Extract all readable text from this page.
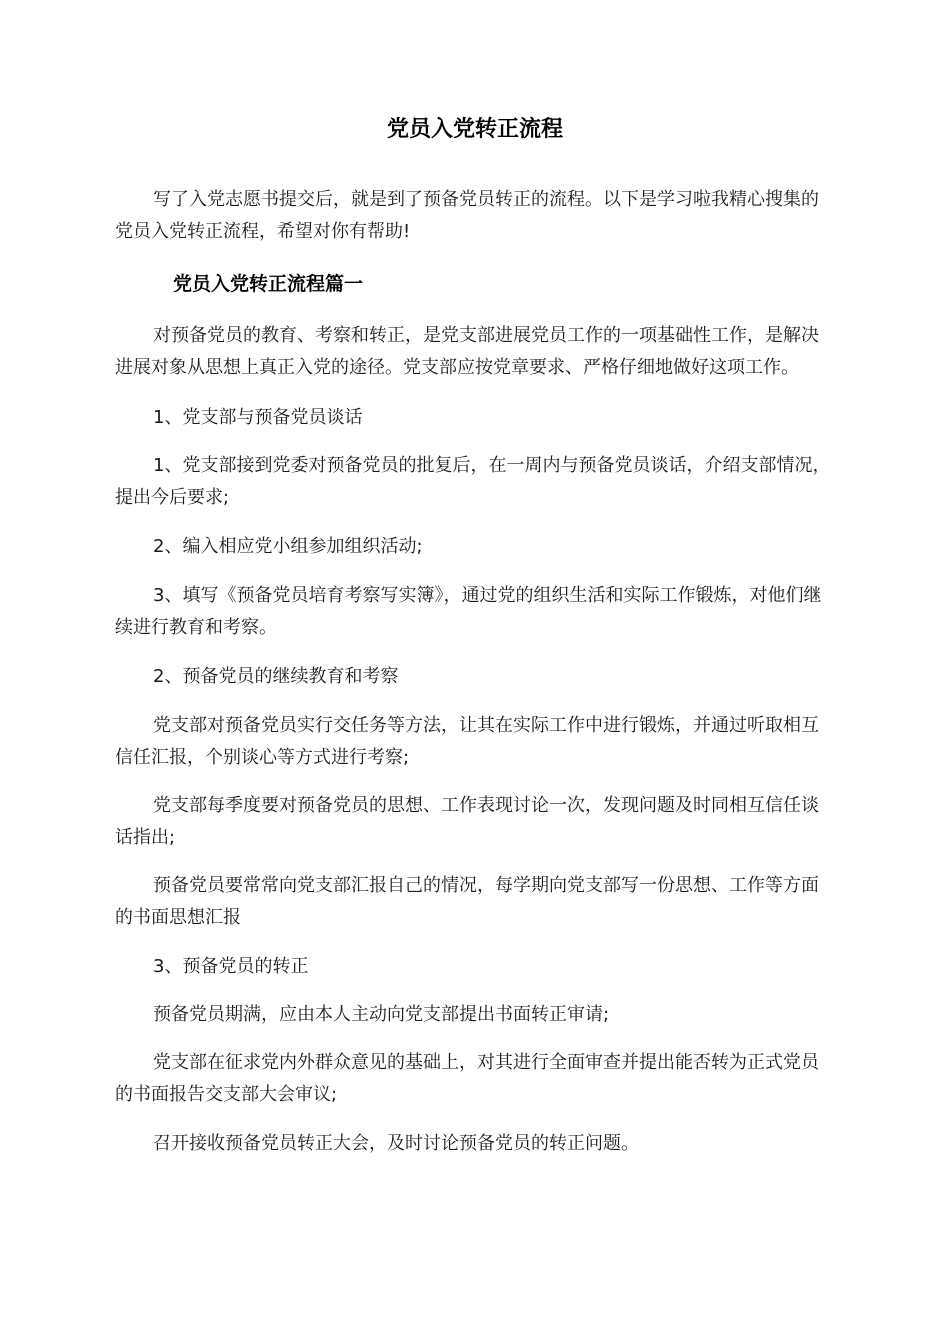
党员入党转正流程

写了入党志愿书提交后，就是到了预备党员转正的流程。以下是学习啦我精心搜集的党员入党转正流程，希望对你有帮助!

党员入党转正流程篇一

对预备党员的教育、考察和转正，是党支部进展党员工作的一项基础性工作，是解决进展对象从思想上真正入党的途径。党支部应按党章要求、严格仔细地做好这项工作。

1、党支部与预备党员谈话

1、党支部接到党委对预备党员的批复后，在一周内与预备党员谈话，介绍支部情况，提出今后要求;

2、编入相应党小组参加组织活动;

3、填写《预备党员培育考察写实簿》，通过党的组织生活和实际工作锻炼，对他们继续进行教育和考察。

2、预备党员的继续教育和考察

党支部对预备党员实行交任务等方法，让其在实际工作中进行锻炼，并通过听取相互信任汇报，个别谈心等方式进行考察;

党支部每季度要对预备党员的思想、工作表现讨论一次，发现问题及时同相互信任谈话指出;

预备党员要常常向党支部汇报自己的情况，每学期向党支部写一份思想、工作等方面的书面思想汇报

3、预备党员的转正

预备党员期满，应由本人主动向党支部提出书面转正审请;

党支部在征求党内外群众意见的基础上，对其进行全面审查并提出能否转为正式党员的书面报告交支部大会审议;

召开接收预备党员转正大会，及时讨论预备党员的转正问题。
